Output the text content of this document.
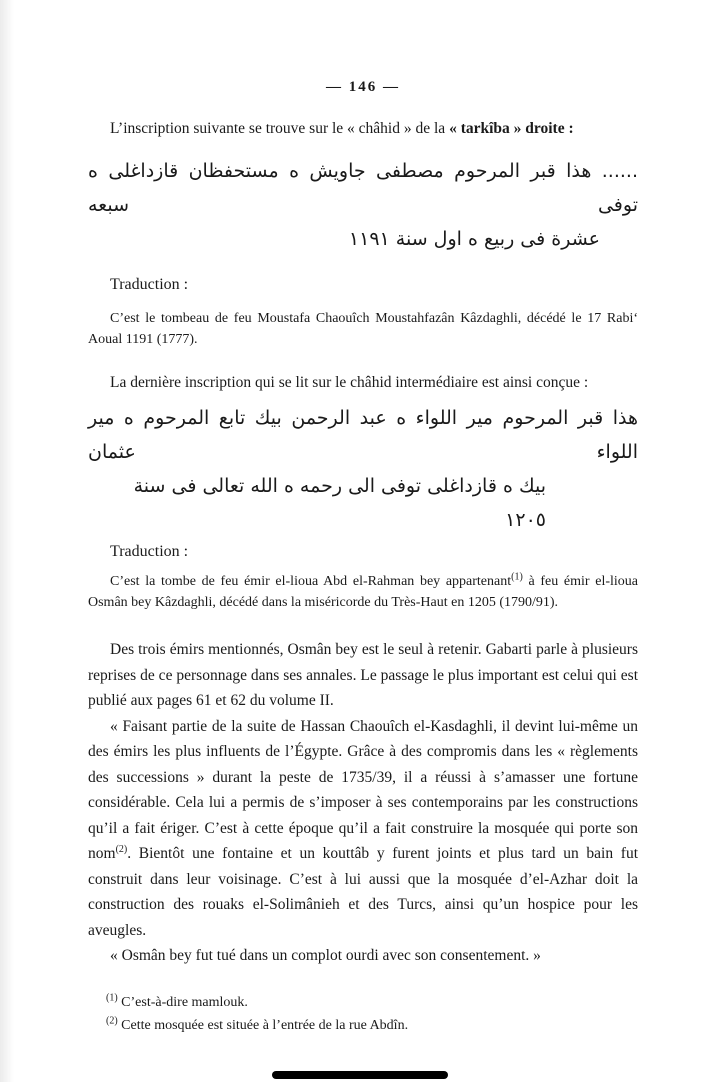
— 146 —

L’inscription suivante se trouve sur le « châhid » de la « tarkîba » droite :

...... هذا قبر المرحوم مصطفى جاويش ه مستحفظان قازداغلى ه توفى سبعه
عشرة فى ربيع ه اول سنة ١١٩١

Traduction :

C’est le tombeau de feu Moustafa Chaouîch Moustahfazân Kâzdaghli, décédé le 17 Rabi‘ Aoual 1191 (1777).

La dernière inscription qui se lit sur le châhid intermédiaire est ainsi conçue :

هذا قبر المرحوم مير اللواء ه عبد الرحمن بيك تابع المرحوم ه مير اللواء عثمان
بيك ه قازداغلى توفى الى رحمه ه الله تعالى فى سنة ١٢٠٥

Traduction :

C’est la tombe de feu émir el-lioua Abd el-Rahman bey appartenant$^{(1)}$ à feu émir el-lioua Osmân bey Kâzdaghli, décédé dans la miséricorde du Très-Haut en 1205 (1790/91).

Des trois émirs mentionnés, Osmân bey est le seul à retenir. Gabarti parle à plusieurs reprises de ce personnage dans ses annales. Le passage le plus important est celui qui est publié aux pages 61 et 62 du volume II.

« Faisant partie de la suite de Hassan Chaouîch el-Kasdaghli, il devint lui-même un des émirs les plus influents de l’Égypte. Grâce à des compromis dans les « règlements des successions » durant la peste de 1735/39, il a réussi à s’amasser une fortune considérable. Cela lui a permis de s’imposer à ses contemporains par les constructions qu’il a fait ériger. C’est à cette époque qu’il a fait construire la mosquée qui porte son nom$^{(2)}$. Bientôt une fontaine et un kouttâb y furent joints et plus tard un bain fut construit dans leur voisinage. C’est à lui aussi que la mosquée d’el-Azhar doit la construction des rouaks el-Solimânieh et des Turcs, ainsi qu’un hospice pour les aveugles.

« Osmân bey fut tué dans un complot ourdi avec son consentement. »

$^{(1)}$ C’est-à-dire mamlouk.
$^{(2)}$ Cette mosquée est située à l’entrée de la rue Abdîn.
